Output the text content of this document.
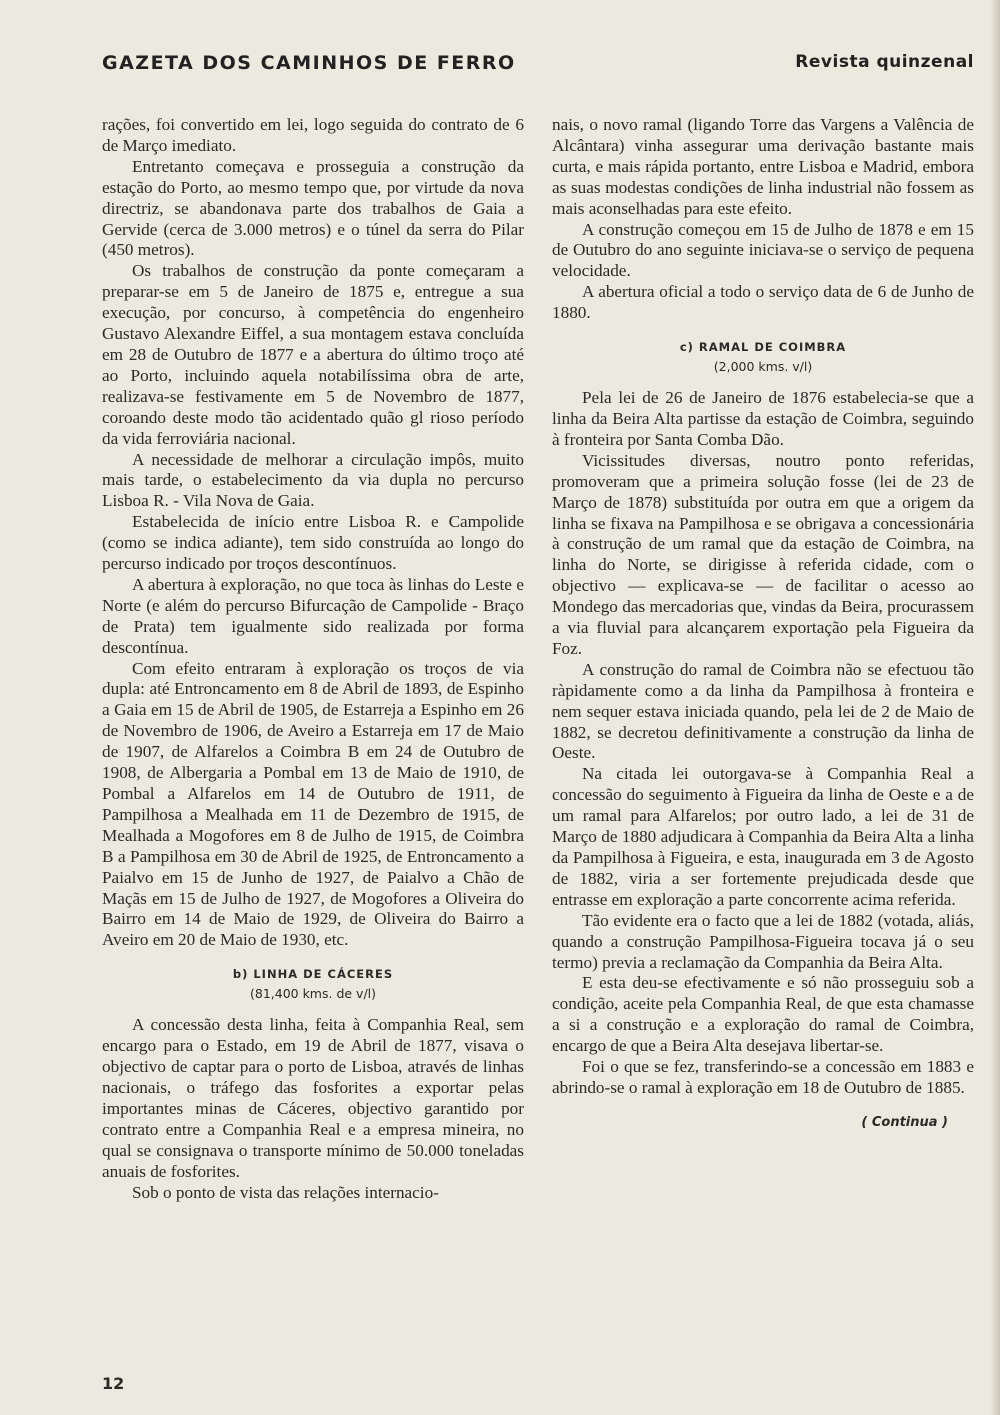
GAZETA DOS CAMINHOS DE FERRO	Revista quinzenal

rações, foi convertido em lei, logo seguida do contrato de 6 de Março imediato.

Entretanto começava e prosseguia a construção da estação do Porto, ao mesmo tempo que, por virtude da nova directriz, se abandonava parte dos trabalhos de Gaia a Gervide (cerca de 3.000 metros) e o túnel da serra do Pilar (450 metros).

Os trabalhos de construção da ponte começaram a preparar-se em 5 de Janeiro de 1875 e, entregue a sua execução, por concurso, à competência do engenheiro Gustavo Alexandre Eiffel, a sua montagem estava concluída em 28 de Outubro de 1877 e a abertura do último troço até ao Porto, incluindo aquela notabilíssima obra de arte, realizava-se festivamente em 5 de Novembro de 1877, coroando deste modo tão acidentado quão gl rioso período da vida ferroviária nacional.

A necessidade de melhorar a circulação impôs, muito mais tarde, o estabelecimento da via dupla no percurso Lisboa R. - Vila Nova de Gaia.

Estabelecida de início entre Lisboa R. e Campolide (como se indica adiante), tem sido construída ao longo do percurso indicado por troços descontínuos.

A abertura à exploração, no que toca às linhas do Leste e Norte (e além do percurso Bifurcação de Campolide - Braço de Prata) tem igualmente sido realizada por forma descontínua.

Com efeito entraram à exploração os troços de via dupla: até Entroncamento em 8 de Abril de 1893, de Espinho a Gaia em 15 de Abril de 1905, de Estarreja a Espinho em 26 de Novembro de 1906, de Aveiro a Estarreja em 17 de Maio de 1907, de Alfarelos a Coimbra B em 24 de Outubro de 1908, de Albergaria a Pombal em 13 de Maio de 1910, de Pombal a Alfarelos em 14 de Outubro de 1911, de Pampilhosa a Mealhada em 11 de Dezembro de 1915, de Mealhada a Mogofores em 8 de Julho de 1915, de Coimbra B a Pampilhosa em 30 de Abril de 1925, de Entroncamento a Paialvo em 15 de Junho de 1927, de Paialvo a Chão de Maçãs em 15 de Julho de 1927, de Mogofores a Oliveira do Bairro em 14 de Maio de 1929, de Oliveira do Bairro a Aveiro em 20 de Maio de 1930, etc.

b) LINHA DE CÁCERES
(81,400 kms. de v/l)

A concessão desta linha, feita à Companhia Real, sem encargo para o Estado, em 19 de Abril de 1877, visava o objectivo de captar para o porto de Lisboa, através de linhas nacionais, o tráfego das fosforites a exportar pelas importantes minas de Cáceres, objectivo garantido por contrato entre a Companhia Real e a empresa mineira, no qual se consignava o transporte mínimo de 50.000 toneladas anuais de fosforites.

Sob o ponto de vista das relações internacio-

nais, o novo ramal (ligando Torre das Vargens a Valência de Alcântara) vinha assegurar uma derivação bastante mais curta, e mais rápida portanto, entre Lisboa e Madrid, embora as suas modestas condições de linha industrial não fossem as mais aconselhadas para este efeito.

A construção começou em 15 de Julho de 1878 e em 15 de Outubro do ano seguinte iniciava-se o serviço de pequena velocidade.

A abertura oficial a todo o serviço data de 6 de Junho de 1880.

c) RAMAL DE COIMBRA
(2,000 kms. v/l)

Pela lei de 26 de Janeiro de 1876 estabelecia-se que a linha da Beira Alta partisse da estação de Coimbra, seguindo à fronteira por Santa Comba Dão.

Vicissitudes diversas, noutro ponto referidas, promoveram que a primeira solução fosse (lei de 23 de Março de 1878) substituída por outra em que a origem da linha se fixava na Pampilhosa e se obrigava a concessionária à construção de um ramal que da estação de Coimbra, na linha do Norte, se dirigisse à referida cidade, com o objectivo — explicava-se — de facilitar o acesso ao Mondego das mercadorias que, vindas da Beira, procurassem a via fluvial para alcançarem exportação pela Figueira da Foz.

A construção do ramal de Coimbra não se efectuou tão ràpidamente como a da linha da Pampilhosa à fronteira e nem sequer estava iniciada quando, pela lei de 2 de Maio de 1882, se decretou definitivamente a construção da linha de Oeste.

Na citada lei outorgava-se à Companhia Real a concessão do seguimento à Figueira da linha de Oeste e a de um ramal para Alfarelos; por outro lado, a lei de 31 de Março de 1880 adjudicara à Companhia da Beira Alta a linha da Pampilhosa à Figueira, e esta, inaugurada em 3 de Agosto de 1882, viria a ser fortemente prejudicada desde que entrasse em exploração a parte concorrente acima referida.

Tão evidente era o facto que a lei de 1882 (votada, aliás, quando a construção Pampilhosa-Figueira tocava já o seu termo) previa a reclamação da Companhia da Beira Alta.

E esta deu-se efectivamente e só não prosseguiu sob a condição, aceite pela Companhia Real, de que esta chamasse a si a construção e a exploração do ramal de Coimbra, encargo de que a Beira Alta desejava libertar-se.

Foi o que se fez, transferindo-se a concessão em 1883 e abrindo-se o ramal à exploração em 18 de Outubro de 1885.

( Continua )
12
